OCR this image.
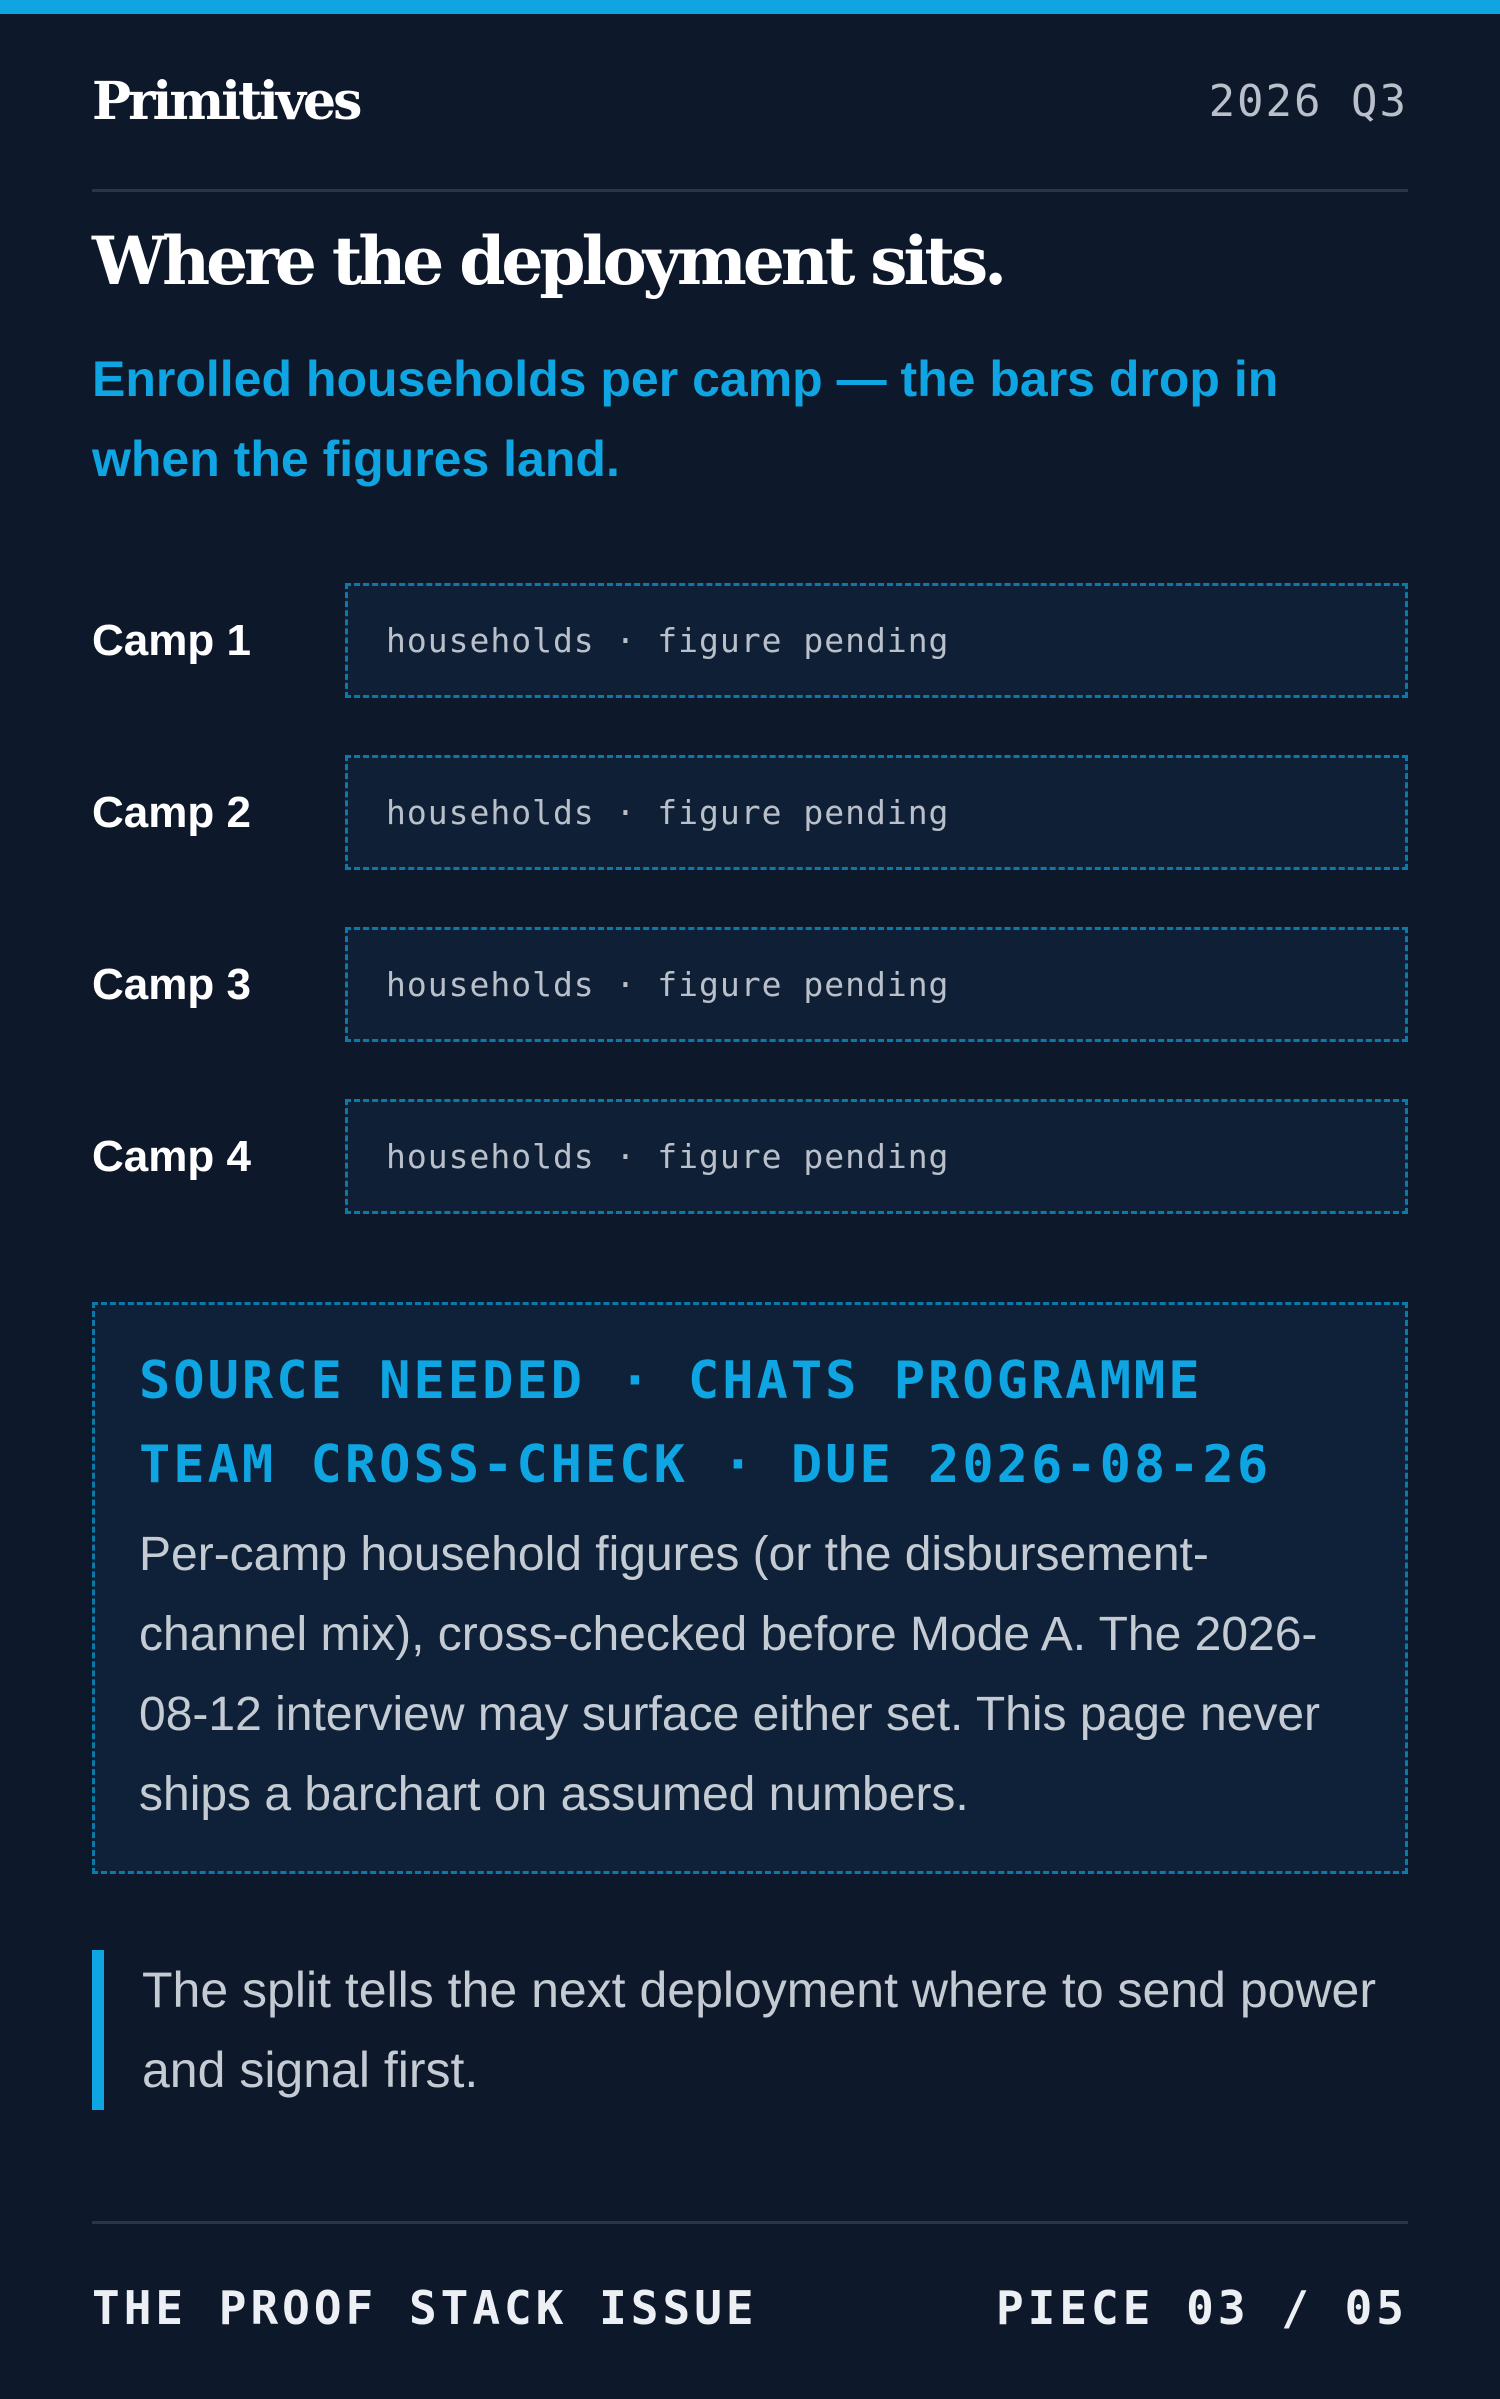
Primitives	2026 Q3
Where the deployment sits.

Enrolled households per camp — the bars drop in when the figures land.

Camp 1	households · figure pending
Camp 2	households · figure pending
Camp 3	households · figure pending
Camp 4	households · figure pending
SOURCE NEEDED · CHATS PROGRAMME
TEAM CROSS-CHECK · DUE 2026-08-26
Per-camp household figures (or the disbursement-channel mix), cross-checked before Mode A. The 2026-08-12 interview may surface either set. This page never ships a barchart on assumed numbers.
The split tells the next deployment where to send power and signal first.
THE PROOF STACK ISSUE	PIECE 03 / 05
